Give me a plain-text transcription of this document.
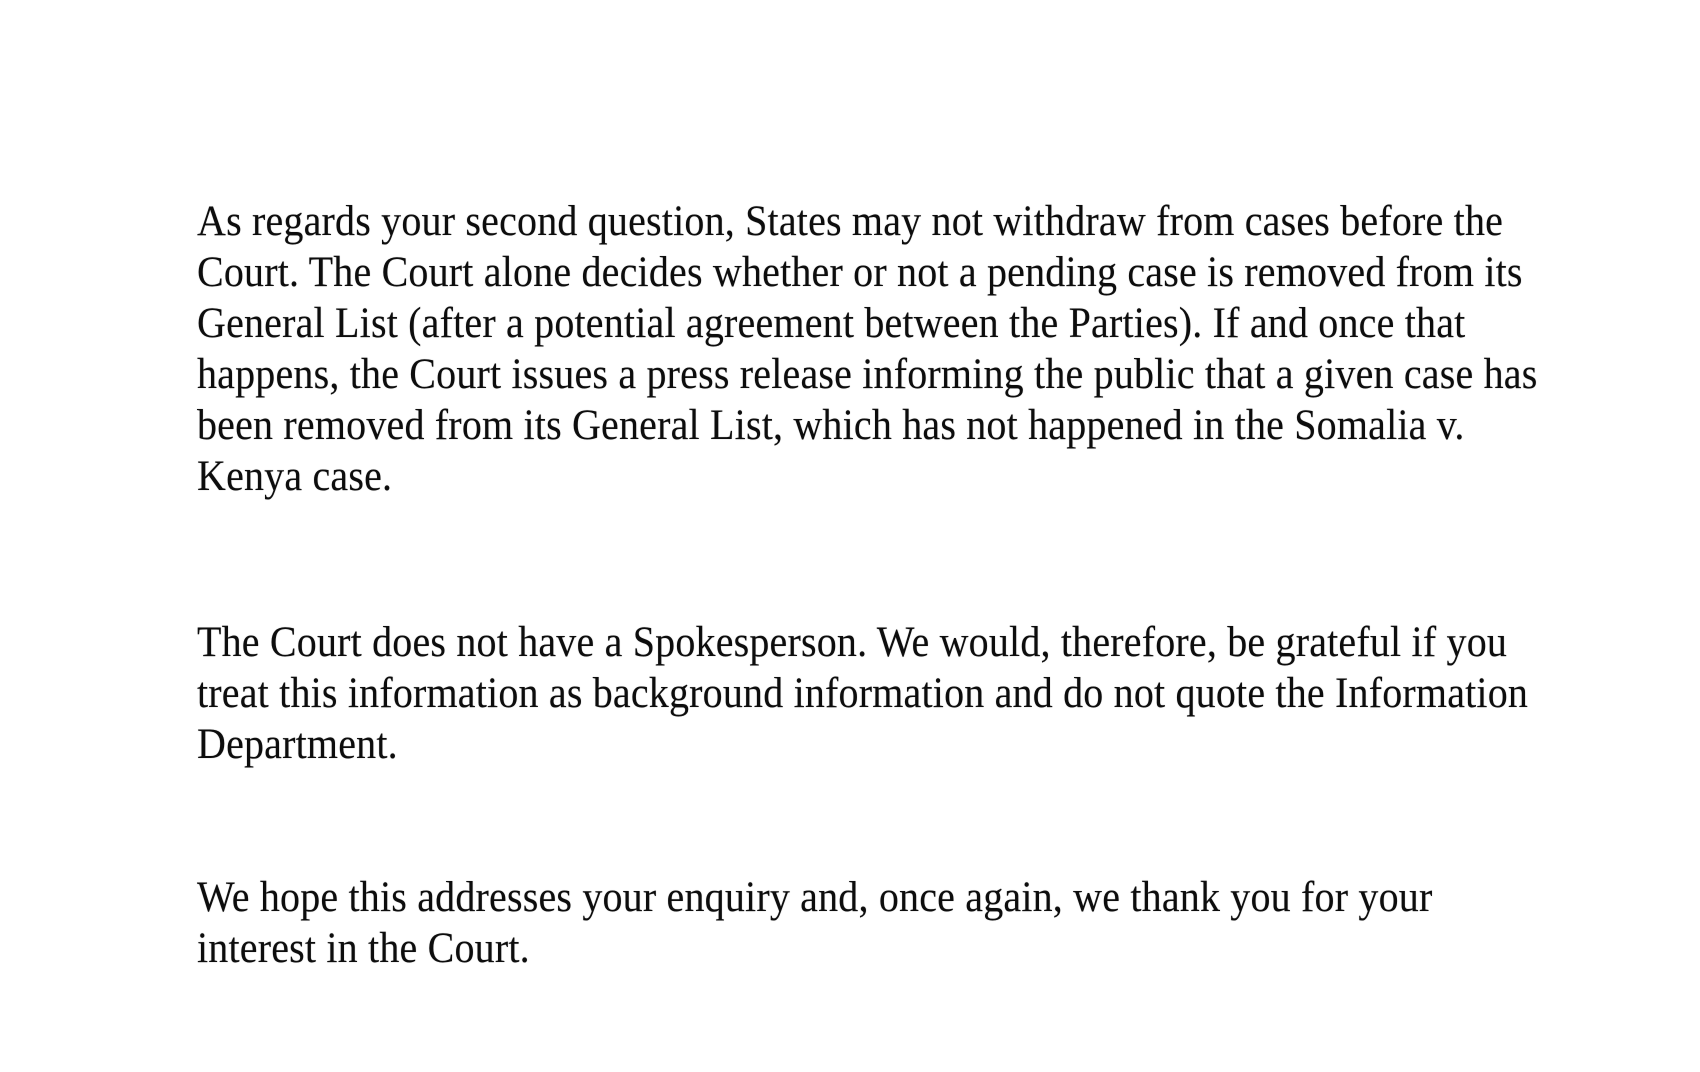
As regards your second question, States may not withdraw from cases before the
Court. The Court alone decides whether or not a pending case is removed from its
General List (after a potential agreement between the Parties). If and once that
happens, the Court issues a press release informing the public that a given case has
been removed from its General List, which has not happened in the Somalia v.
Kenya case.
The Court does not have a Spokesperson. We would, therefore, be grateful if you
treat this information as background information and do not quote the Information
Department.
We hope this addresses your enquiry and, once again, we thank you for your
interest in the Court.
